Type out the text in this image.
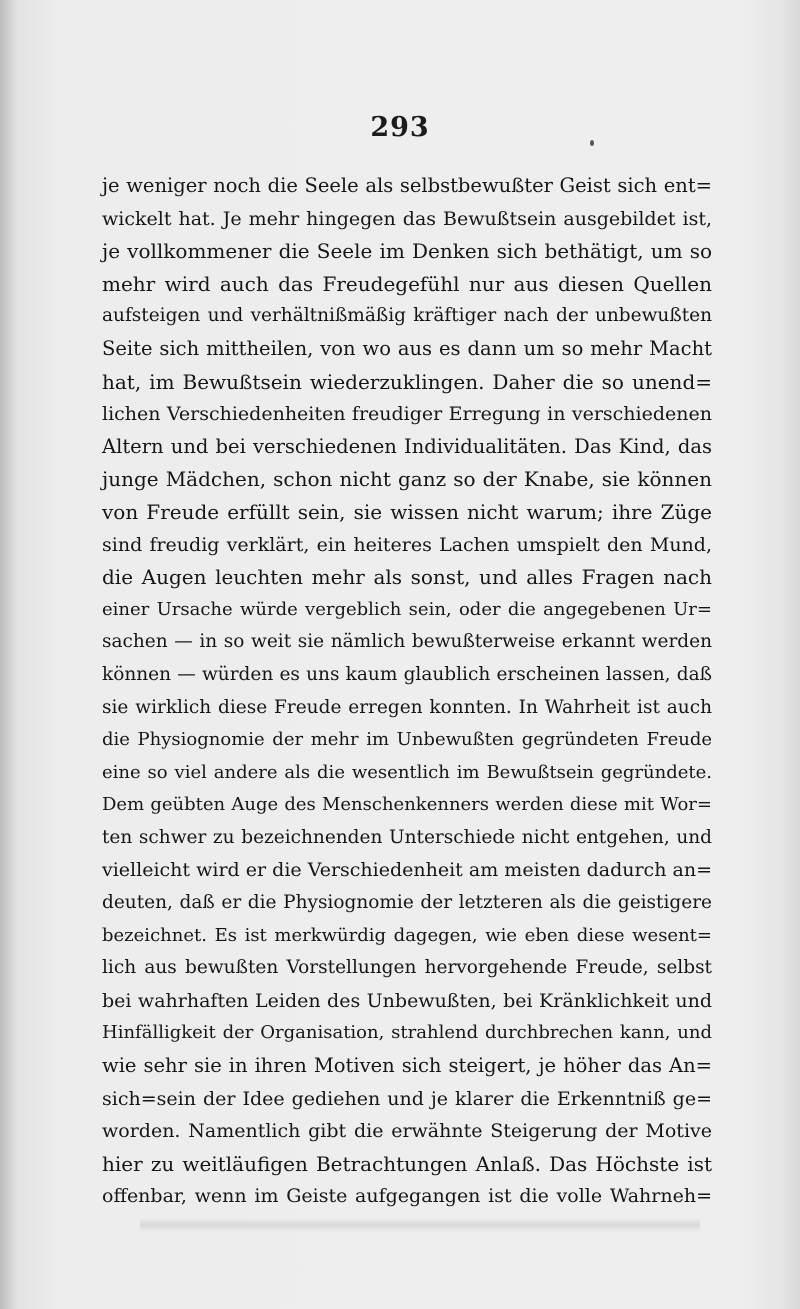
293
je weniger noch die Seele als selbstbewußter Geist sich ent=
wickelt hat. Je mehr hingegen das Bewußtsein ausgebildet ist,
je vollkommener die Seele im Denken sich bethätigt, um so
mehr wird auch das Freudegefühl nur aus diesen Quellen
aufsteigen und verhältnißmäßig kräftiger nach der unbewußten
Seite sich mittheilen, von wo aus es dann um so mehr Macht
hat, im Bewußtsein wiederzuklingen. Daher die so unend=
lichen Verschiedenheiten freudiger Erregung in verschiedenen
Altern und bei verschiedenen Individualitäten. Das Kind, das
junge Mädchen, schon nicht ganz so der Knabe, sie können
von Freude erfüllt sein, sie wissen nicht warum; ihre Züge
sind freudig verklärt, ein heiteres Lachen umspielt den Mund,
die Augen leuchten mehr als sonst, und alles Fragen nach
einer Ursache würde vergeblich sein, oder die angegebenen Ur=
sachen — in so weit sie nämlich bewußterweise erkannt werden
können — würden es uns kaum glaublich erscheinen lassen, daß
sie wirklich diese Freude erregen konnten. In Wahrheit ist auch
die Physiognomie der mehr im Unbewußten gegründeten Freude
eine so viel andere als die wesentlich im Bewußtsein gegründete.
Dem geübten Auge des Menschenkenners werden diese mit Wor=
ten schwer zu bezeichnenden Unterschiede nicht entgehen, und
vielleicht wird er die Verschiedenheit am meisten dadurch an=
deuten, daß er die Physiognomie der letzteren als die geistigere
bezeichnet. Es ist merkwürdig dagegen, wie eben diese wesent=
lich aus bewußten Vorstellungen hervorgehende Freude, selbst
bei wahrhaften Leiden des Unbewußten, bei Kränklichkeit und
Hinfälligkeit der Organisation, strahlend durchbrechen kann, und
wie sehr sie in ihren Motiven sich steigert, je höher das An=
sich=sein der Idee gediehen und je klarer die Erkenntniß ge=
worden. Namentlich gibt die erwähnte Steigerung der Motive
hier zu weitläufigen Betrachtungen Anlaß. Das Höchste ist
offenbar, wenn im Geiste aufgegangen ist die volle Wahrneh=
